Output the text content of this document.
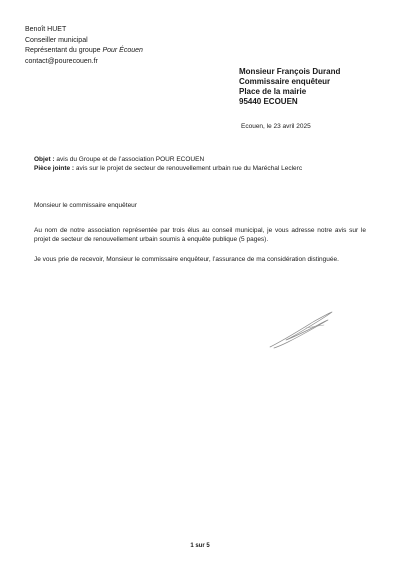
Benoît HUET
Conseiller municipal
Représentant du groupe Pour Écouen
contact@pourecouen.fr
Monsieur François Durand
Commissaire enquêteur
Place de la mairie
95440 ECOUEN
Ecouen, le 23 avril 2025
Objet : avis du Groupe et de l’association POUR ECOUEN
Pièce jointe : avis sur le projet de secteur de renouvellement urbain rue du Maréchal Leclerc
Monsieur le commissaire enquêteur
Au nom de notre association représentée par trois élus au conseil municipal, je vous adresse notre avis sur le projet de secteur de renouvellement urbain soumis à enquête publique (5 pages).
Je vous prie de recevoir, Monsieur le commissaire enquêteur, l’assurance de ma considération distinguée.
1 sur 5
